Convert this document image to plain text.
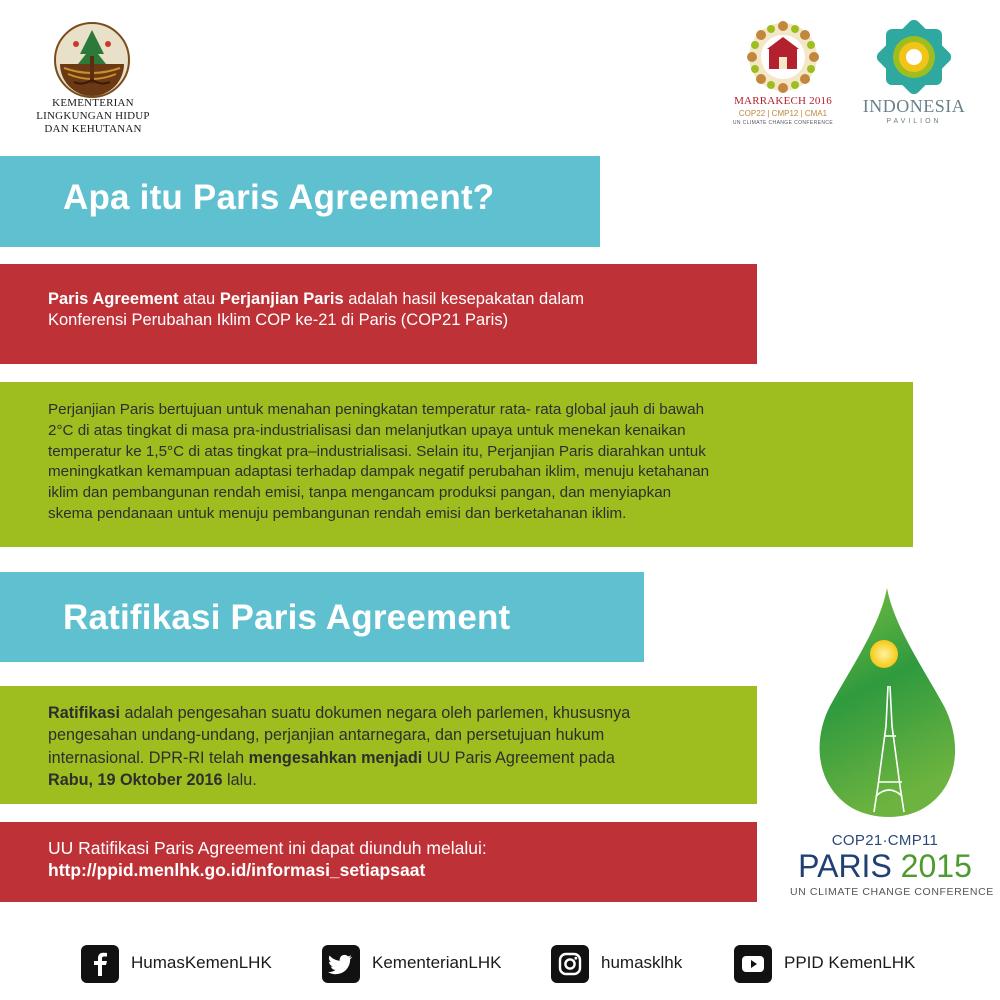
KEMENTERIAN
LINGKUNGAN HIDUP
DAN KEHUTANAN
MARRAKECH 2016
COP22 | CMP12 | CMA1
UN CLIMATE CHANGE CONFERENCE
INDONESIA
PAVILION
Apa itu Paris Agreement?
Paris Agreement atau Perjanjian Paris adalah hasil kesepakatan dalam
Konferensi Perubahan Iklim COP ke-21 di Paris (COP21 Paris)
Perjanjian Paris bertujuan untuk menahan peningkatan temperatur rata- rata global jauh di bawah
2°C di atas tingkat di masa pra-industrialisasi dan melanjutkan upaya untuk menekan kenaikan
temperatur ke 1,5°C di atas tingkat pra–industrialisasi. Selain itu, Perjanjian Paris diarahkan untuk
meningkatkan kemampuan adaptasi terhadap dampak negatif perubahan iklim, menuju ketahanan
iklim dan pembangunan rendah emisi, tanpa mengancam produksi pangan, dan menyiapkan
skema pendanaan untuk menuju pembangunan rendah emisi dan berketahanan iklim.
Ratifikasi Paris Agreement
Ratifikasi adalah pengesahan suatu dokumen negara oleh parlemen, khususnya
pengesahan undang-undang, perjanjian antarnegara, dan persetujuan hukum
internasional. DPR-RI telah mengesahkan menjadi UU Paris Agreement pada
Rabu, 19 Oktober 2016 lalu.
UU Ratifikasi Paris Agreement ini dapat diunduh melalui:
http://ppid.menlhk.go.id/informasi_setiapsaat
COP21·CMP11
PARIS 2015
UN CLIMATE CHANGE CONFERENCE
HumasKemenLHK	KementerianLHK	humasklhk	PPID KemenLHK
